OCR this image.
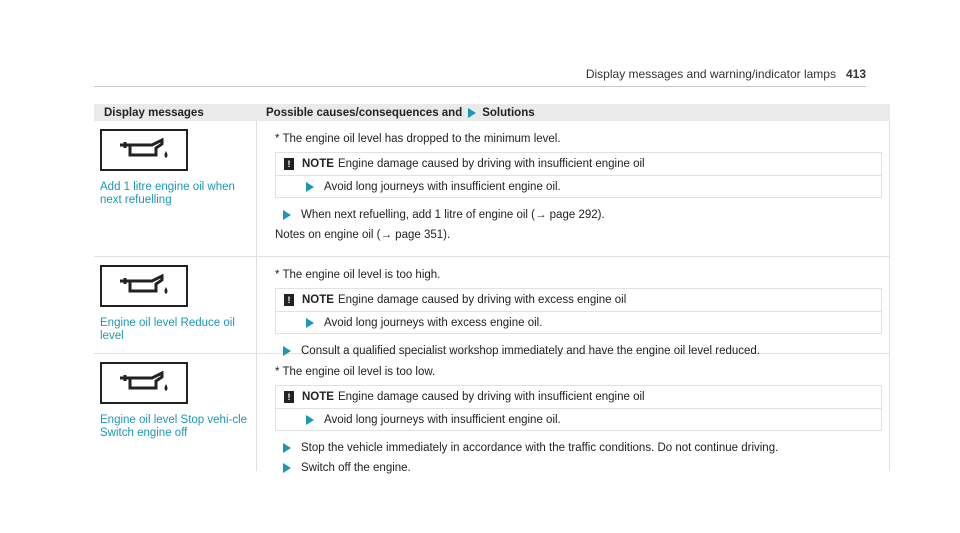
Display messages and warning/indicator lamps 413
Display messages	Possible causes/consequences and Solutions
Add 1 litre engine oil when next refuelling
* The engine oil level has dropped to the minimum level.
!	NOTE Engine damage caused by driving with insufficient engine oil
Avoid long journeys with insufficient engine oil.
When next refuelling, add 1 litre of engine oil (→ page 292).
Notes on engine oil (→ page 351).
Engine oil level Reduce oil level
* The engine oil level is too high.
!	NOTE Engine damage caused by driving with excess engine oil
Avoid long journeys with excess engine oil.
Consult a qualified specialist workshop immediately and have the engine oil level reduced.
Engine oil level Stop vehi-cle Switch engine off
* The engine oil level is too low.
!	NOTE Engine damage caused by driving with insufficient engine oil
Avoid long journeys with insufficient engine oil.
Stop the vehicle immediately in accordance with the traffic conditions. Do not continue driving.
Switch off the engine.
